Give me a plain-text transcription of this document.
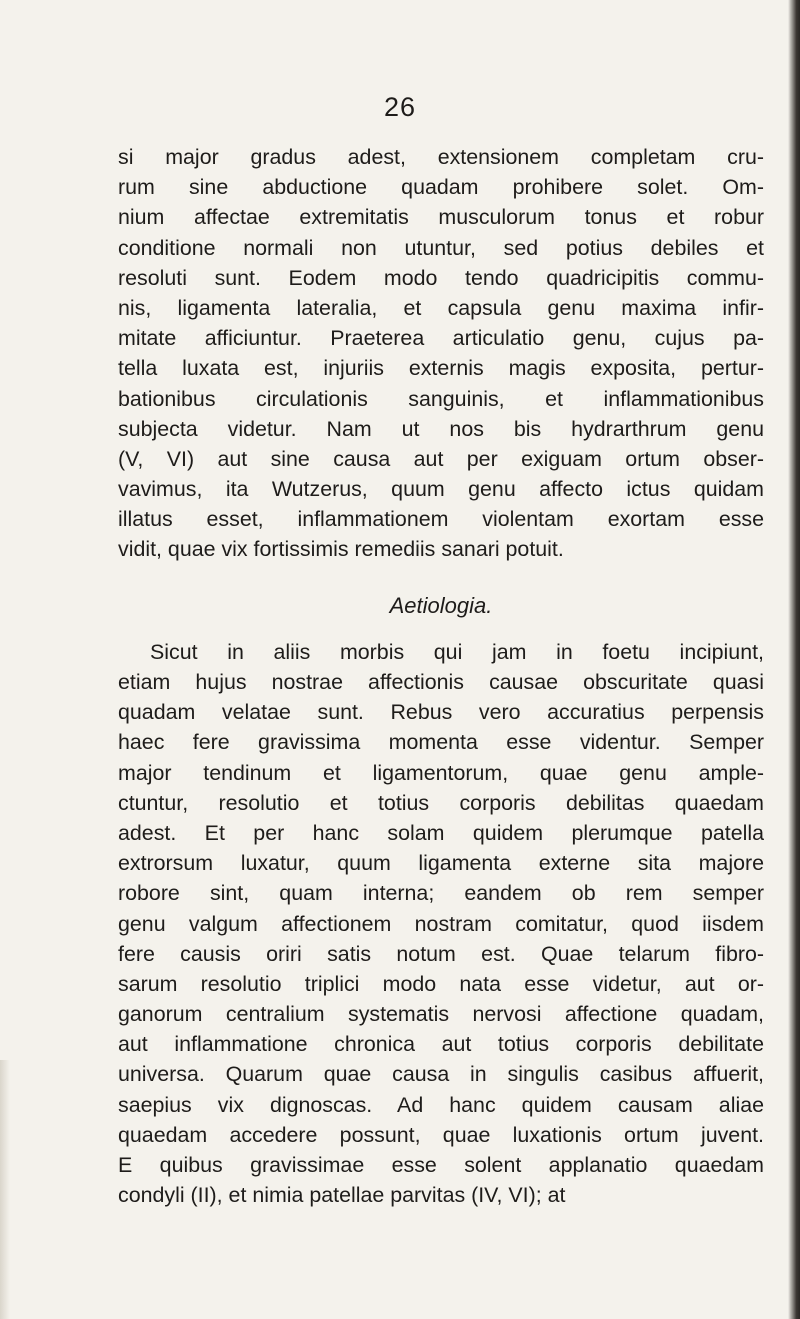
26
si major gradus adest, extensionem completam cru-
rum sine abductione quadam prohibere solet. Om-
nium affectae extremitatis musculorum tonus et robur
conditione normali non utuntur, sed potius debiles et
resoluti sunt. Eodem modo tendo quadricipitis commu-
nis, ligamenta lateralia, et capsula genu maxima infir-
mitate afficiuntur. Praeterea articulatio genu, cujus pa-
tella luxata est, injuriis externis magis exposita, pertur-
bationibus circulationis sanguinis, et inflammationibus
subjecta videtur. Nam ut nos bis hydrarthrum genu
(V, VI) aut sine causa aut per exiguam ortum obser-
vavimus, ita Wutzerus, quum genu affecto ictus quidam
illatus esset, inflammationem violentam exortam esse
vidit, quae vix fortissimis remediis sanari potuit.
Aetiologia.
Sicut in aliis morbis qui jam in foetu incipiunt,
etiam hujus nostrae affectionis causae obscuritate quasi
quadam velatae sunt. Rebus vero accuratius perpensis
haec fere gravissima momenta esse videntur. Semper
major tendinum et ligamentorum, quae genu ample-
ctuntur, resolutio et totius corporis debilitas quaedam
adest. Et per hanc solam quidem plerumque patella
extrorsum luxatur, quum ligamenta externe sita majore
robore sint, quam interna; eandem ob rem semper
genu valgum affectionem nostram comitatur, quod iisdem
fere causis oriri satis notum est. Quae telarum fibro-
sarum resolutio triplici modo nata esse videtur, aut or-
ganorum centralium systematis nervosi affectione quadam,
aut inflammatione chronica aut totius corporis debilitate
universa. Quarum quae causa in singulis casibus affuerit,
saepius vix dignoscas. Ad hanc quidem causam aliae
quaedam accedere possunt, quae luxationis ortum juvent.
E quibus gravissimae esse solent applanatio quaedam
condyli (II), et nimia patellae parvitas (IV, VI); at
